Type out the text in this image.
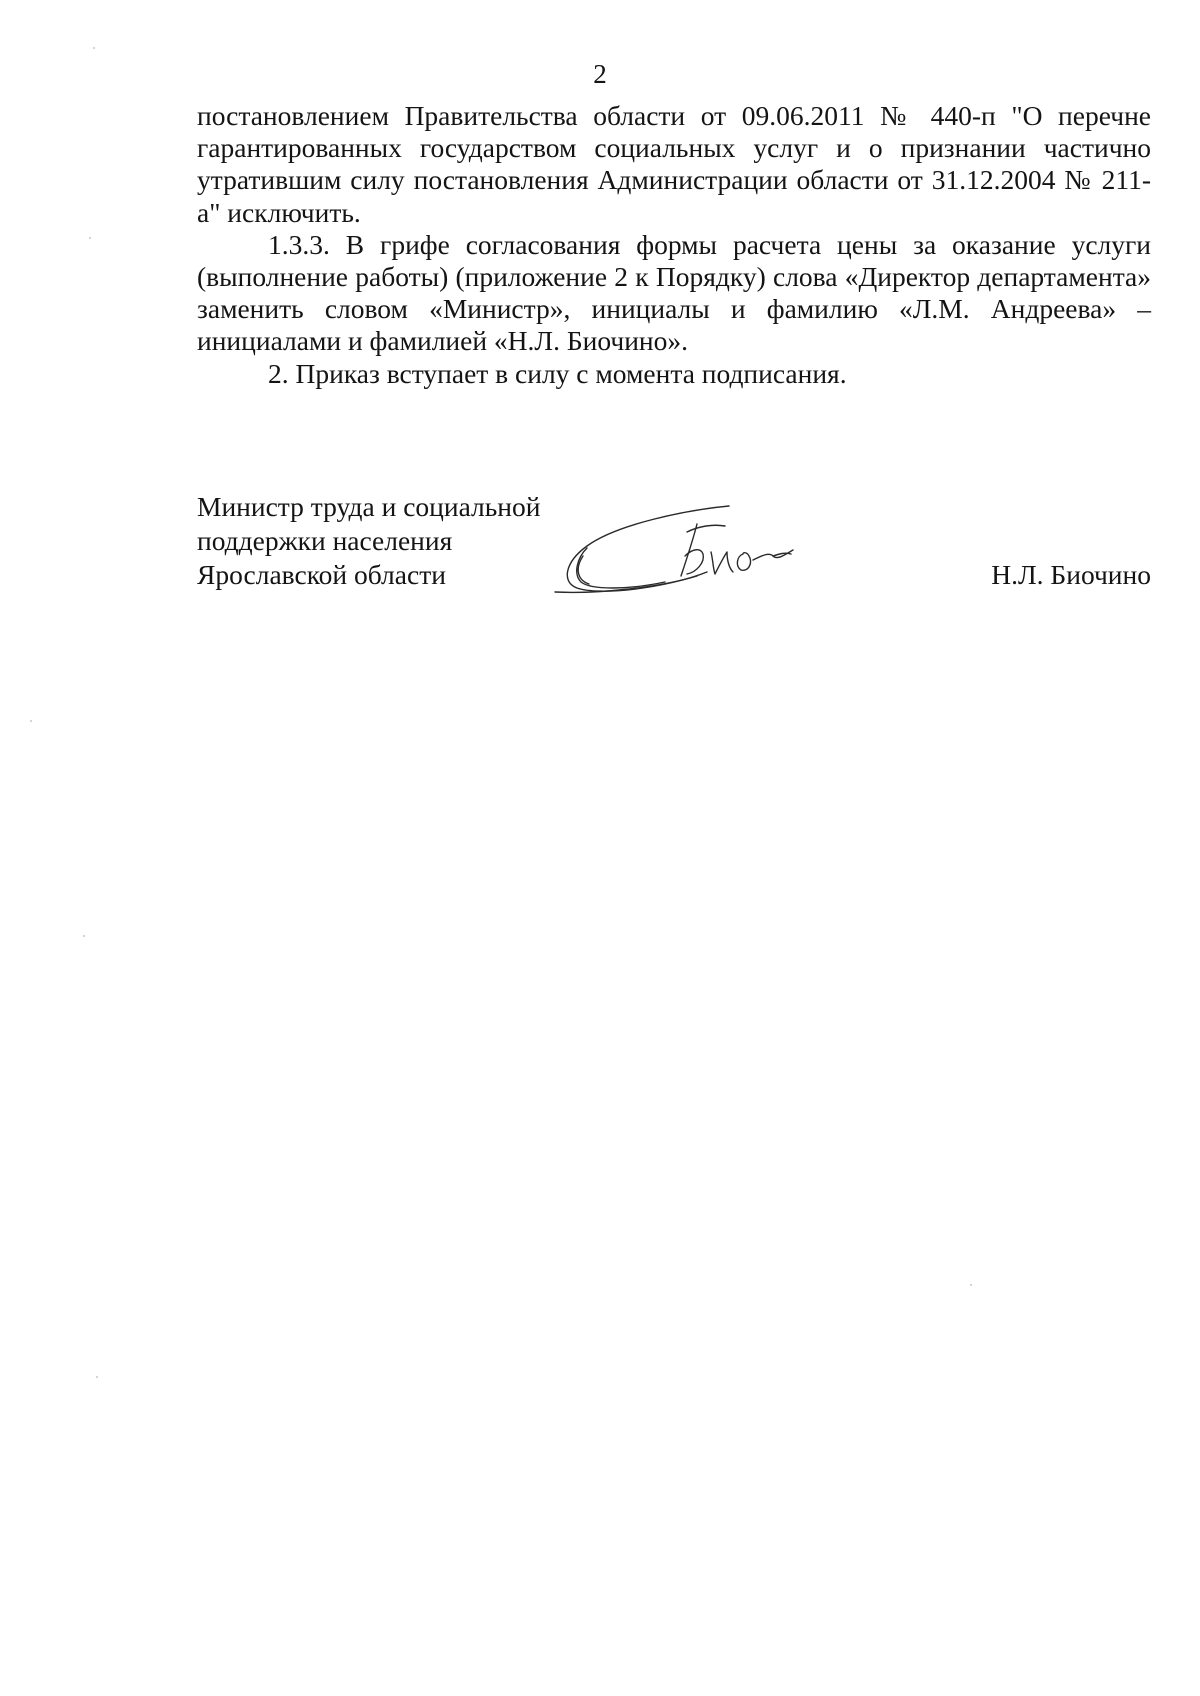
2

постановлением Правительства области от 09.06.2011 № 440-п "О перечне гарантированных государством социальных услуг и о признании частично утратившим силу постановления Администрации области от 31.12.2004 № 211-а" исключить.

1.3.3. В грифе согласования формы расчета цены за оказание услуги (выполнение работы) (приложение 2 к Порядку) слова «Директор департамента» заменить словом «Министр», инициалы и фамилию «Л.М. Андреева» – инициалами и фамилией «Н.Л. Биочино».

2. Приказ вступает в силу с момента подписания.

Министр труда и социальной
поддержки населения
Ярославской области	Н.Л. Биочино
